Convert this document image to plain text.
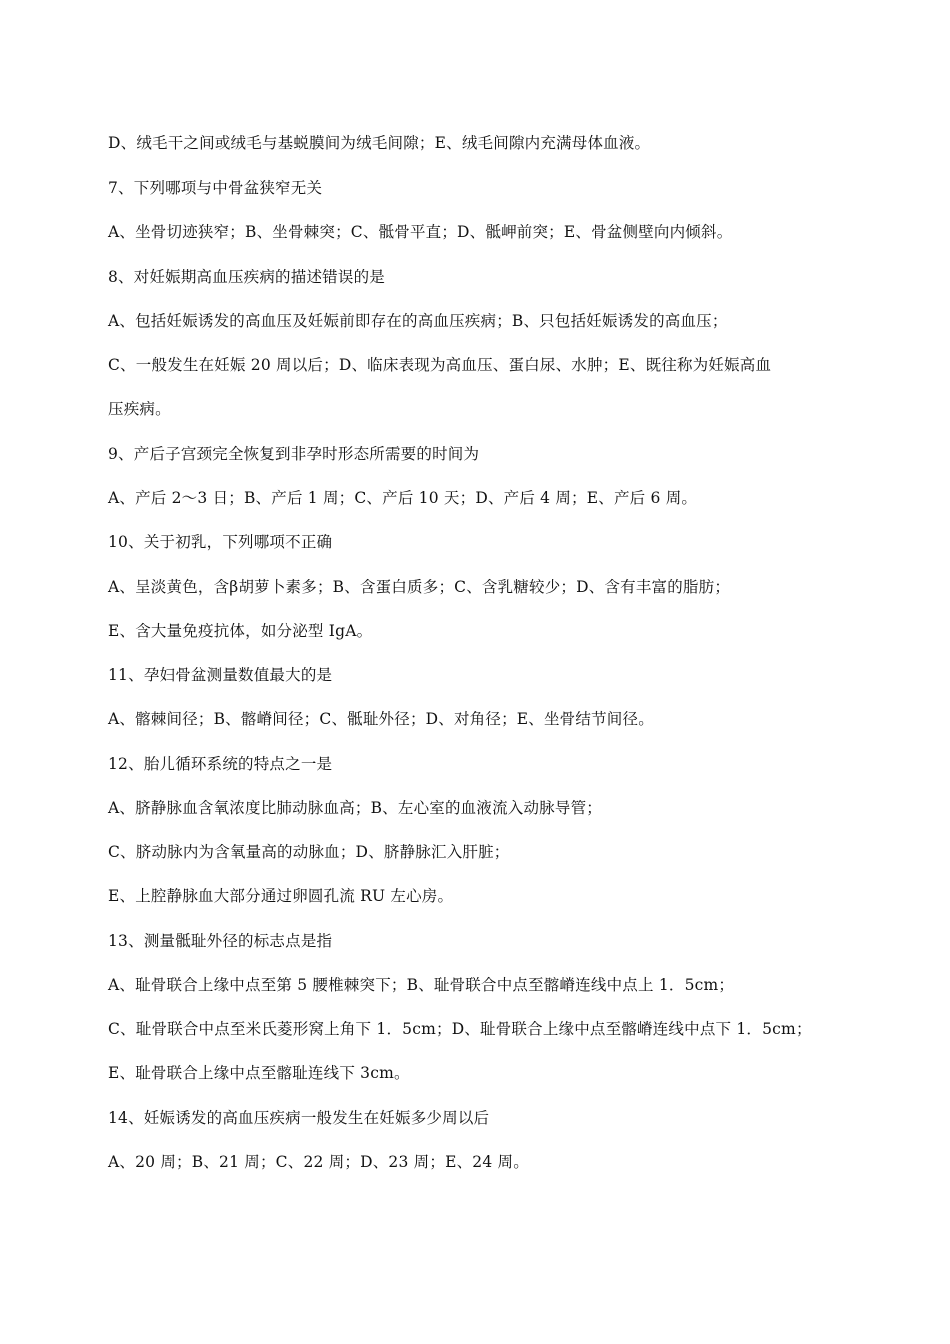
D、绒毛干之间或绒毛与基蜕膜间为绒毛间隙；E、绒毛间隙内充满母体血液。
7、下列哪项与中骨盆狭窄无关
A、坐骨切迹狭窄；B、坐骨棘突；C、骶骨平直；D、骶岬前突；E、骨盆侧壁向内倾斜。
8、对妊娠期高血压疾病的描述错误的是
A、包括妊娠诱发的高血压及妊娠前即存在的高血压疾病；B、只包括妊娠诱发的高血压；
C、一般发生在妊娠 20 周以后；D、临床表现为高血压、蛋白尿、水肿；E、既往称为妊娠高血
压疾病。
9、产后子宫颈完全恢复到非孕时形态所需要的时间为
A、产后 2～3 日；B、产后 1 周；C、产后 10 天；D、产后 4 周；E、产后 6 周。
10、关于初乳，下列哪项不正确
A、呈淡黄色，含β胡萝卜素多；B、含蛋白质多；C、含乳糖较少；D、含有丰富的脂肪；
E、含大量免疫抗体，如分泌型 IgA。
11、孕妇骨盆测量数值最大的是
A、髂棘间径；B、髂嵴间径；C、骶耻外径；D、对角径；E、坐骨结节间径。
12、胎儿循环系统的特点之一是
A、脐静脉血含氧浓度比肺动脉血高；B、左心室的血液流入动脉导管；
C、脐动脉内为含氧量高的动脉血；D、脐静脉汇入肝脏；
E、上腔静脉血大部分通过卵圆孔流 RU 左心房。
13、测量骶耻外径的标志点是指
A、耻骨联合上缘中点至第 5 腰椎棘突下；B、耻骨联合中点至髂嵴连线中点上 1．5cm；
C、耻骨联合中点至米氏菱形窝上角下 1．5cm；D、耻骨联合上缘中点至髂嵴连线中点下 1．5cm；
E、耻骨联合上缘中点至髂耻连线下 3cm。
14、妊娠诱发的高血压疾病一般发生在妊娠多少周以后
A、20 周；B、21 周；C、22 周；D、23 周；E、24 周。
